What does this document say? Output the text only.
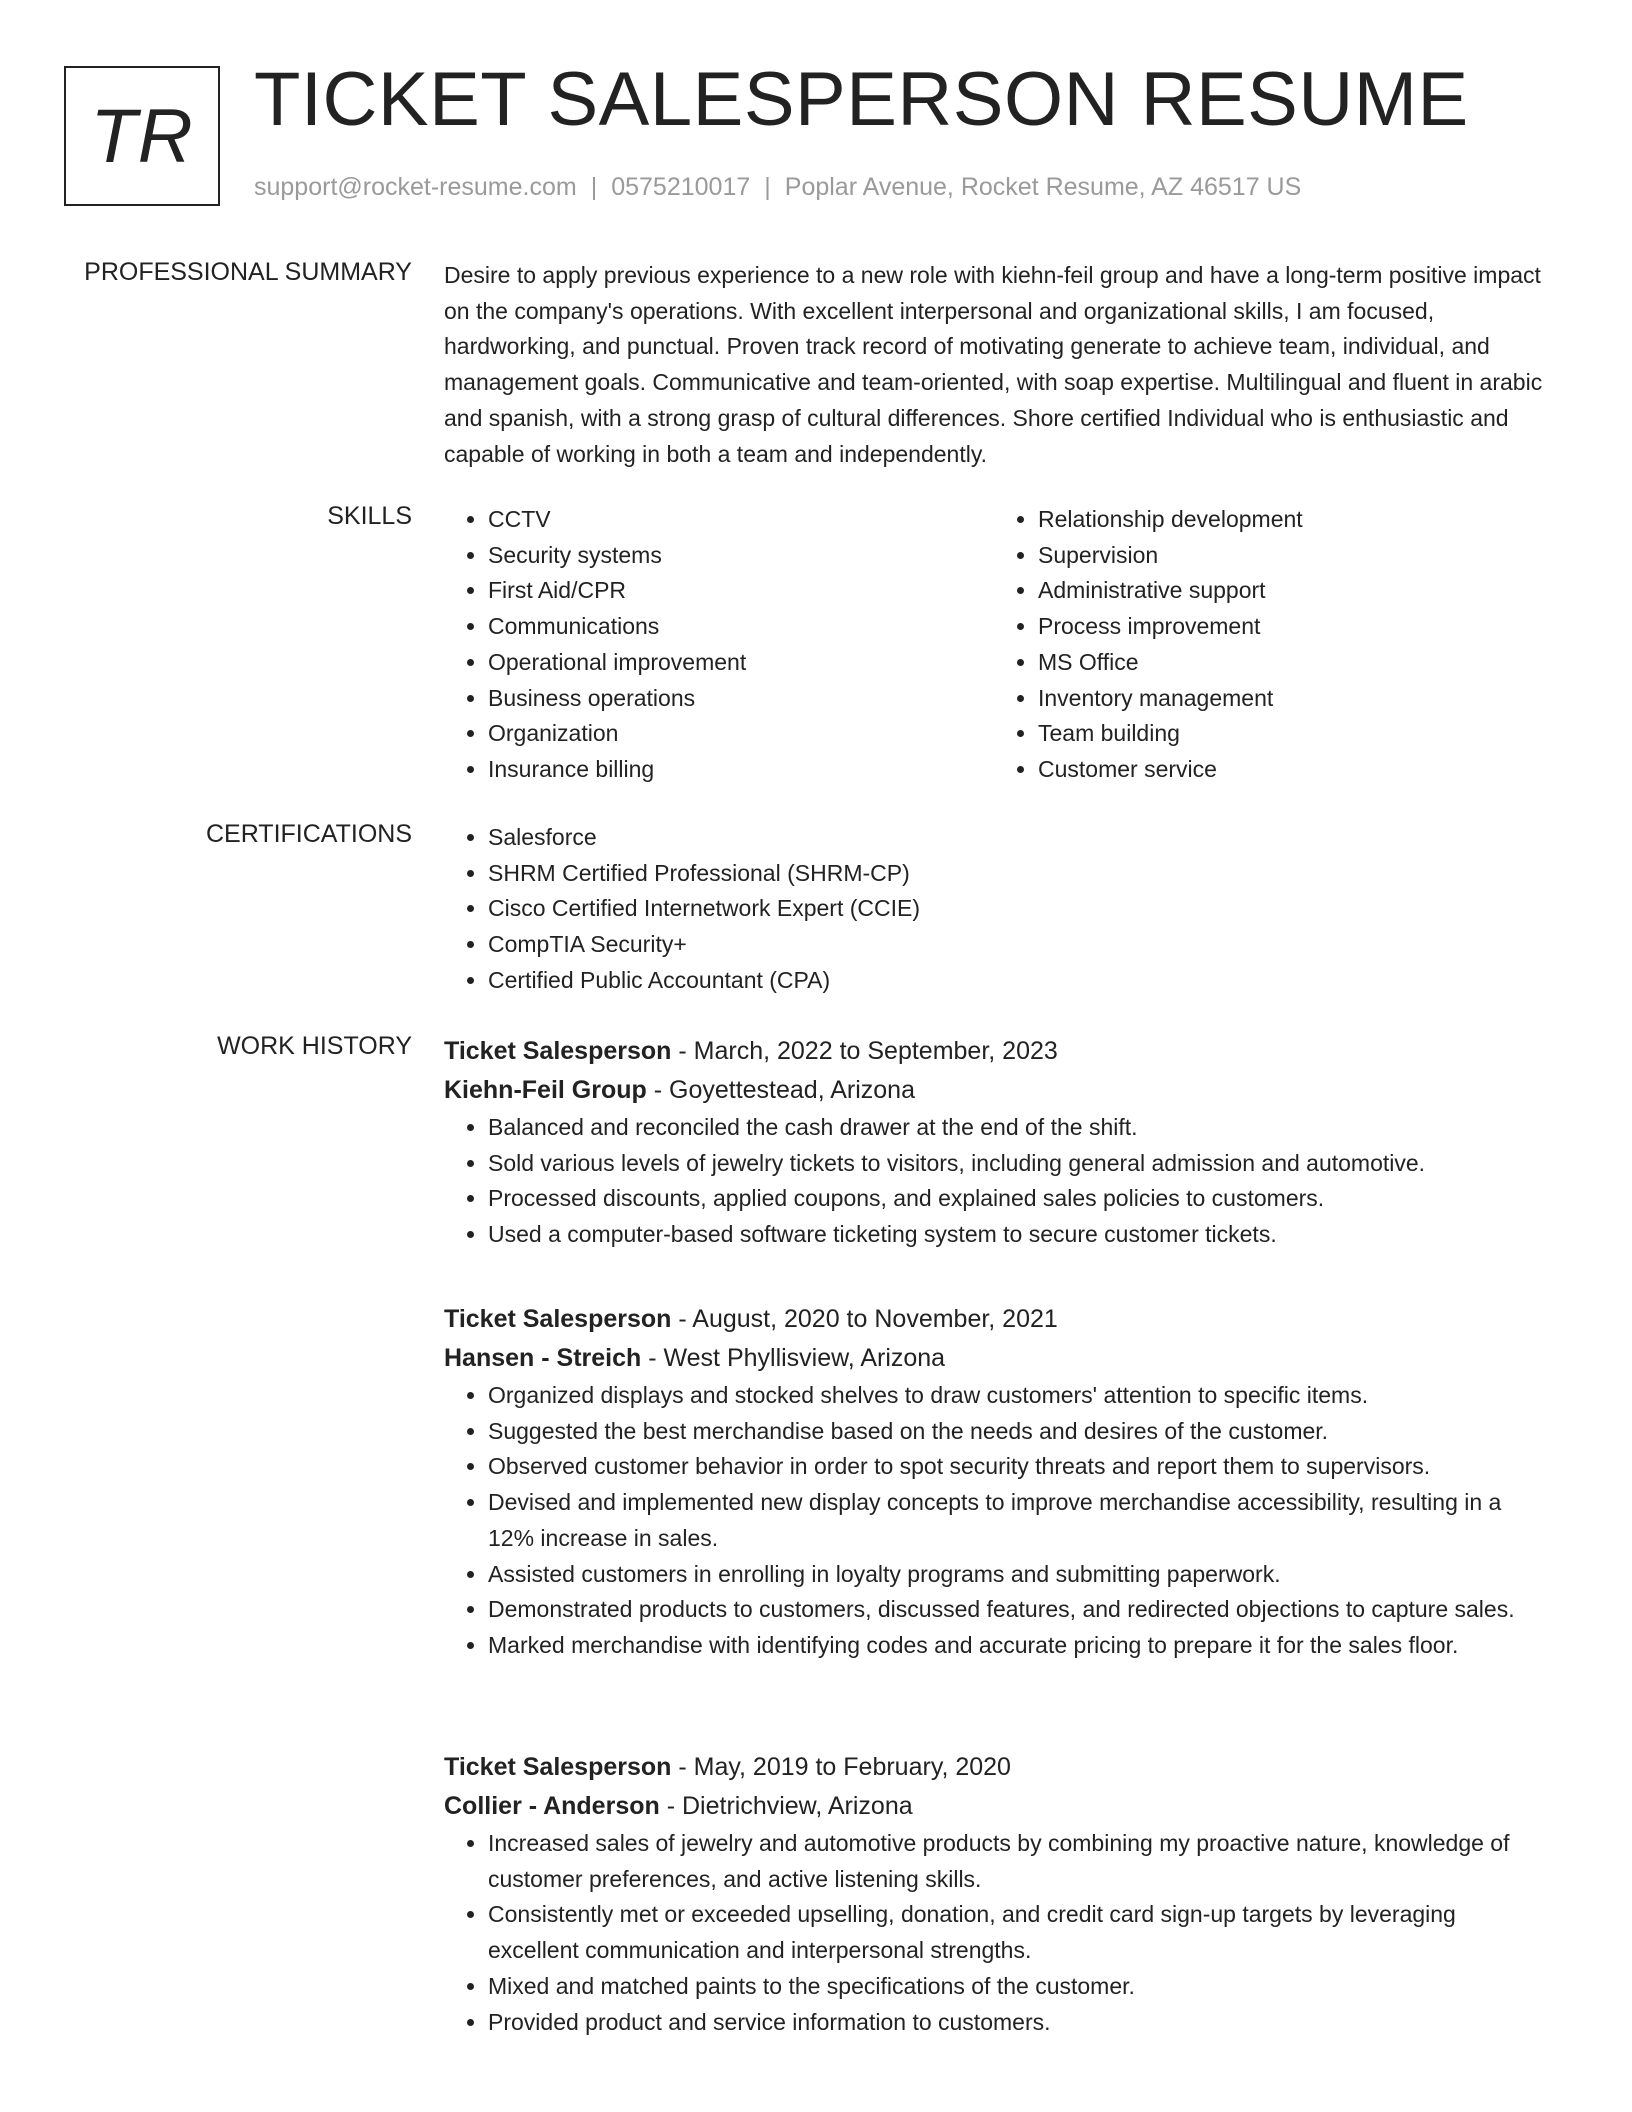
TR TICKET SALESPERSON RESUME
support@rocket-resume.com | 0575210017 | Poplar Avenue, Rocket Resume, AZ 46517 US
PROFESSIONAL SUMMARY Desire to apply previous experience to a new role with kiehn-feil group and have a long-term positive impact on the company's operations. With excellent interpersonal and organizational skills, I am focused, hardworking, and punctual. Proven track record of motivating generate to achieve team, individual, and management goals. Communicative and team-oriented, with soap expertise. Multilingual and fluent in arabic and spanish, with a strong grasp of cultural differences. Shore certified Individual who is enthusiastic and capable of working in both a team and independently.

SKILLS	• CCTV
• Security systems
• First Aid/CPR
• Communications
• Operational improvement
• Business operations
• Organization
• Insurance billing
• Relationship development
• Supervision
• Administrative support
• Process improvement
• MS Office
• Inventory management
• Team building
• Customer service
CERTIFICATIONS	• Salesforce
• SHRM Certified Professional (SHRM-CP)
• Cisco Certified Internetwork Expert (CCIE)
• CompTIA Security+
• Certified Public Accountant (CPA)
WORK HISTORY Ticket Salesperson - March, 2022 to September, 2023
Kiehn-Feil Group - Goyettestead, Arizona
• Balanced and reconciled the cash drawer at the end of the shift.
• Sold various levels of jewelry tickets to visitors, including general admission and automotive.
• Processed discounts, applied coupons, and explained sales policies to customers.
• Used a computer-based software ticketing system to secure customer tickets.
Ticket Salesperson - August, 2020 to November, 2021
Hansen - Streich - West Phyllisview, Arizona
• Organized displays and stocked shelves to draw customers' attention to specific items.
• Suggested the best merchandise based on the needs and desires of the customer.
• Observed customer behavior in order to spot security threats and report them to supervisors.
• Devised and implemented new display concepts to improve merchandise accessibility, resulting in a 12% increase in sales.
• Assisted customers in enrolling in loyalty programs and submitting paperwork.
• Demonstrated products to customers, discussed features, and redirected objections to capture sales.
• Marked merchandise with identifying codes and accurate pricing to prepare it for the sales floor.
Ticket Salesperson - May, 2019 to February, 2020
Collier - Anderson - Dietrichview, Arizona
• Increased sales of jewelry and automotive products by combining my proactive nature, knowledge of customer preferences, and active listening skills.
• Consistently met or exceeded upselling, donation, and credit card sign-up targets by leveraging excellent communication and interpersonal strengths.
• Mixed and matched paints to the specifications of the customer.
• Provided product and service information to customers.
